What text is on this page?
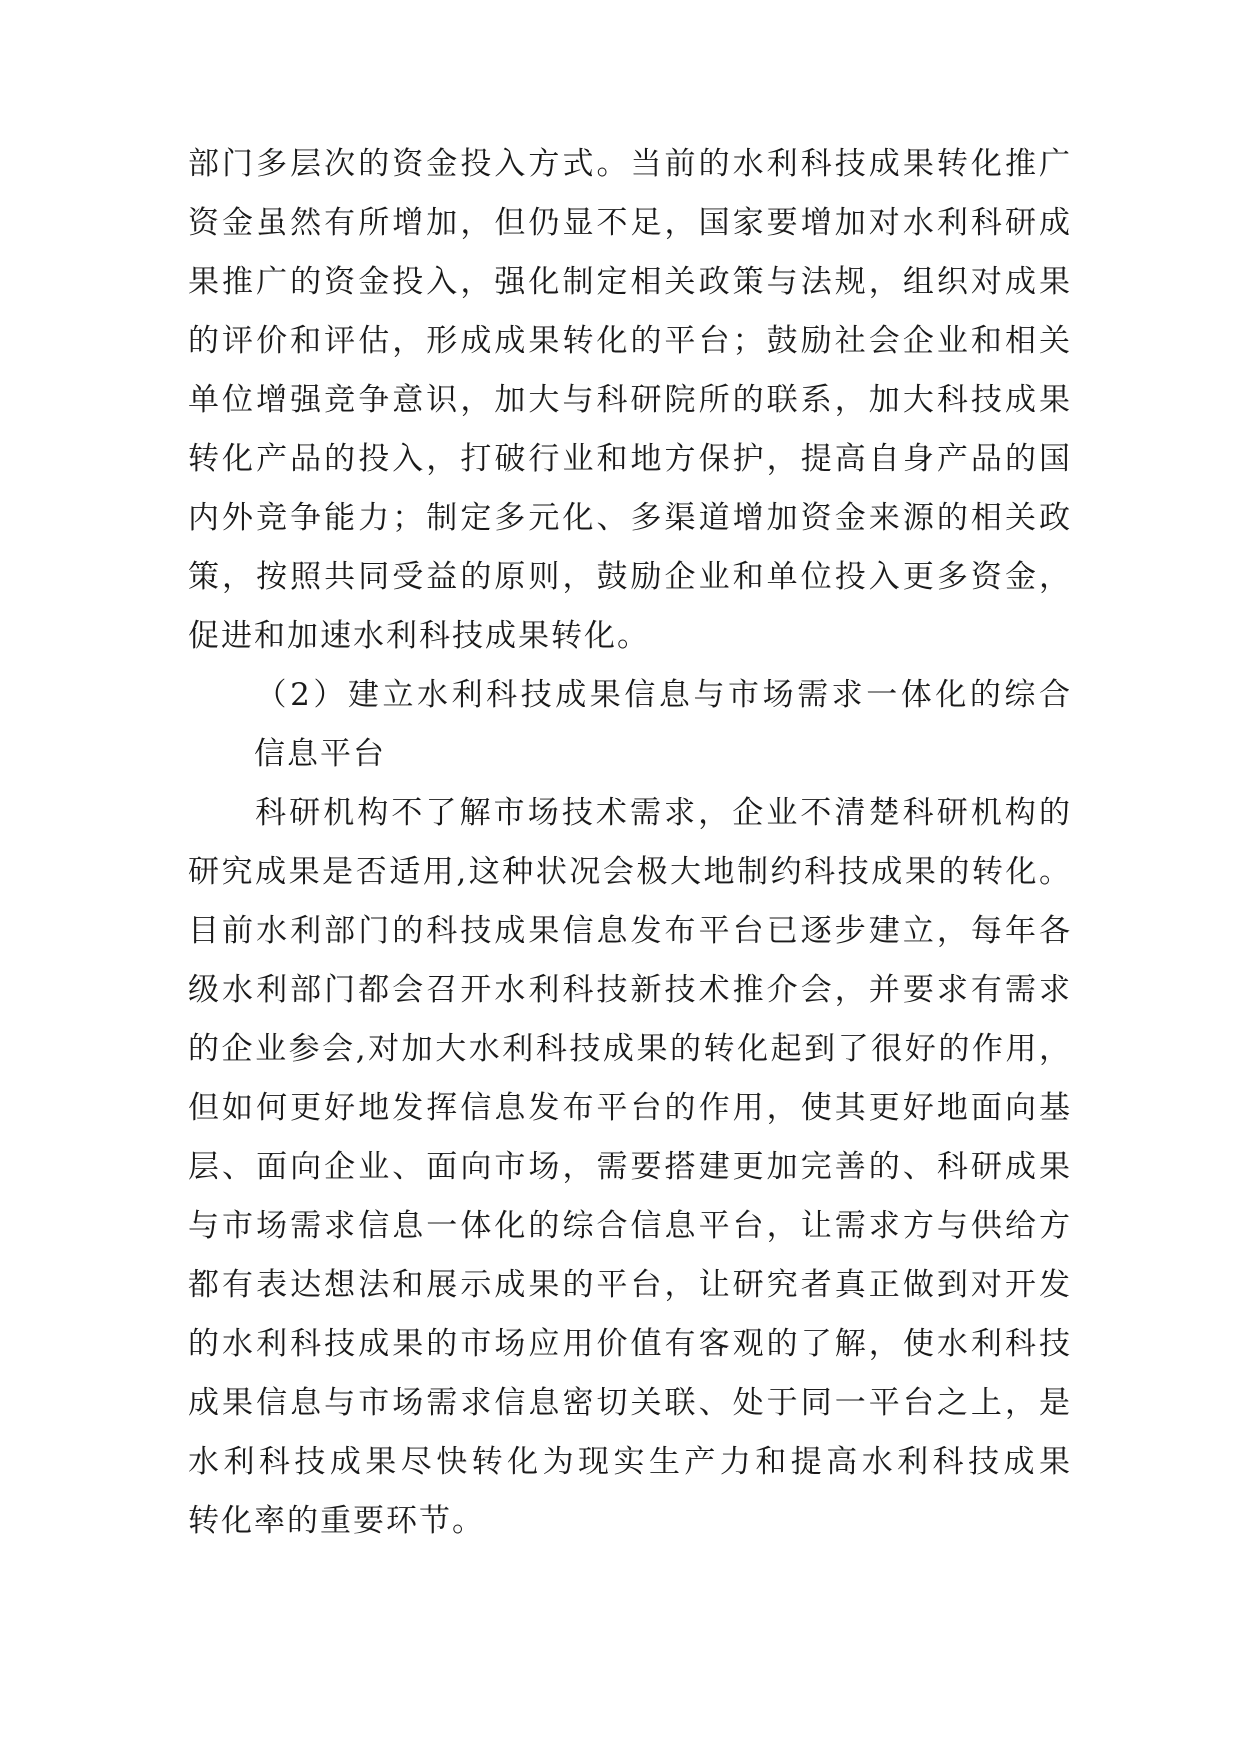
部门多层次的资金投入方式。当前的水利科技成果转化推广
资金虽然有所增加，但仍显不足，国家要增加对水利科研成
果推广的资金投入，强化制定相关政策与法规，组织对成果
的评价和评估，形成成果转化的平台；鼓励社会企业和相关
单位增强竞争意识，加大与科研院所的联系，加大科技成果
转化产品的投入，打破行业和地方保护，提高自身产品的国
内外竞争能力；制定多元化、多渠道增加资金来源的相关政
策，按照共同受益的原则，鼓励企业和单位投入更多资金，
促进和加速水利科技成果转化。

（2）建立水利科技成果信息与市场需求一体化的综合
信息平台

科研机构不了解市场技术需求，企业不清楚科研机构的
研究成果是否适用,这种状况会极大地制约科技成果的转化。
目前水利部门的科技成果信息发布平台已逐步建立，每年各
级水利部门都会召开水利科技新技术推介会，并要求有需求
的企业参会,对加大水利科技成果的转化起到了很好的作用，
但如何更好地发挥信息发布平台的作用，使其更好地面向基
层、面向企业、面向市场，需要搭建更加完善的、科研成果
与市场需求信息一体化的综合信息平台，让需求方与供给方
都有表达想法和展示成果的平台，让研究者真正做到对开发
的水利科技成果的市场应用价值有客观的了解，使水利科技
成果信息与市场需求信息密切关联、处于同一平台之上，是
水利科技成果尽快转化为现实生产力和提高水利科技成果
转化率的重要环节。
